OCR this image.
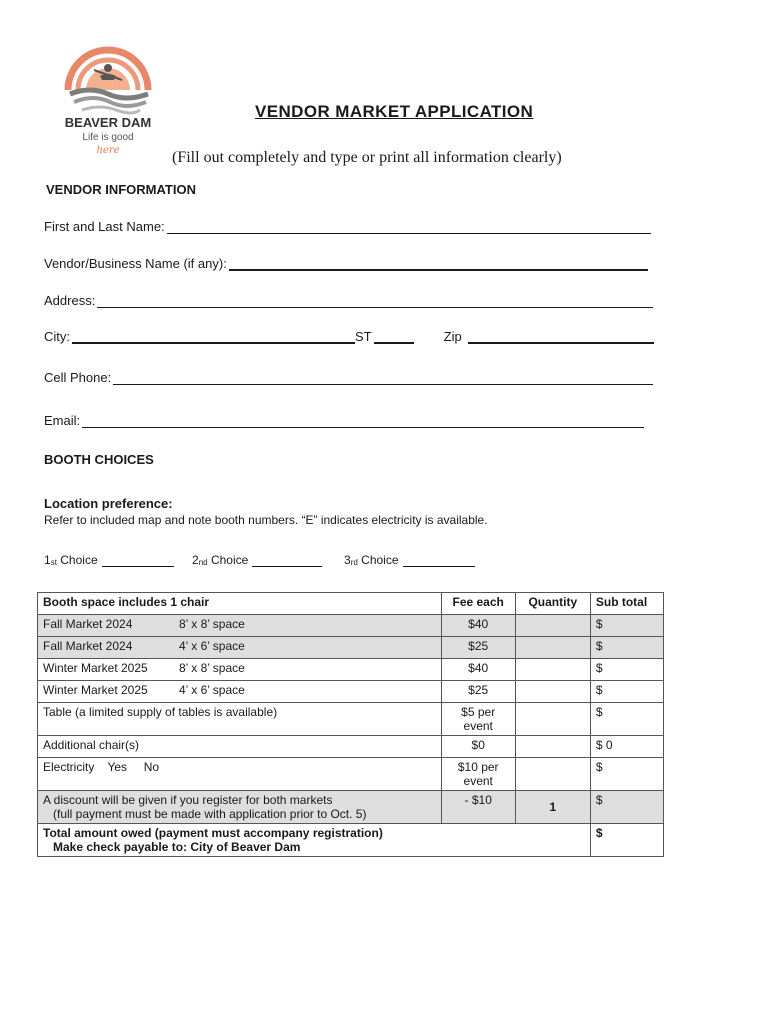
BEAVER DAM
Life is good
here
VENDOR MARKET APPLICATION
(Fill out completely and type or print all information clearly)
VENDOR INFORMATION
First and Last Name:
Vendor/Business Name (if any):
Address:
City:	ST	Zip
Cell Phone:
Email:
BOOTH CHOICES
Location preference:
Refer to included map and note booth numbers. “E” indicates electricity is available.
$1_{st}$
Choice	$2_{nd}$
Choice	$3_{rd}$
Choice
Booth space includes 1 chair	Fee each	Quantity	Sub total
Fall Market 2024 8’ x 8’ space	$40		$
Fall Market 2024 4’ x 6’ space	$25		$
Winter Market 2025 8’ x 8’ space	$40		$
Winter Market 2025 4’ x 6’ space	$25		$
Table (a limited supply of tables is available)	$5 per event		$
Additional chair(s)	$0		$ 0
Electricity    Yes     No	$10 per event		$

A discount will be given if you register for both markets
(full payment must be made with application prior to Oct. 5)	- $10	1	$

Total amount owed (payment must accompany registration)
Make check payable to: City of Beaver Dam			$
